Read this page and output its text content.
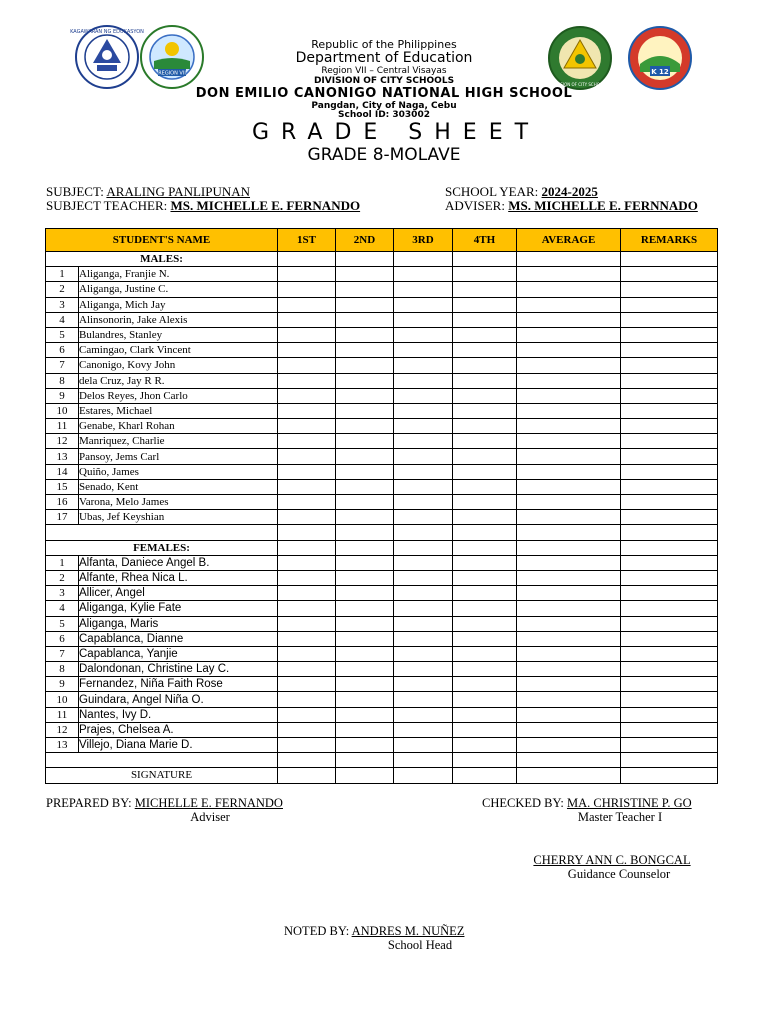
KAGAWARAN NG EDUKASYON
REGION VII
DIVISION OF CITY SCHOOLS
K 12
Republic of the Philippines
Department of Education
Region VII – Central Visayas
DIVISION OF CITY SCHOOLS
DON EMILIO CANONIGO NATIONAL HIGH SCHOOL
Pangdan, City of Naga, Cebu
School ID: 303002
GRADE SHEET
GRADE 8-MOLAVE
SUBJECT: ARALING PANLIPUNAN
SUBJECT TEACHER: MS. MICHELLE E. FERNANDO
SCHOOL YEAR: 2024-2025
ADVISER: MS. MICHELLE E. FERNNADO
STUDENT'S NAME		1ST	2ND	3RD	4TH	AVERAGE	REMARKS
MALES:							
1	Aliganga, Franjie N.						
2	Aliganga, Justine C.						
3	Aliganga, Mich Jay						
4	Alinsonorin, Jake Alexis						
5	Bulandres, Stanley						
6	Camingao, Clark Vincent						
7	Canonigo, Kovy John						
8	dela Cruz, Jay R R.						
9	Delos Reyes, Jhon Carlo						
10	Estares, Michael						
11	Genabe, Kharl Rohan						
12	Manriquez, Charlie						
13	Pansoy, Jems Carl						
14	Quiño, James						
15	Senado, Kent						
16	Varona, Melo James						
17	Ubas, Jef Keyshian						

FEMALES:							
1	Alfanta, Daniece Angel B.						
2	Alfante, Rhea Nica L.						
3	Allicer, Angel						
4	Aliganga, Kylie Fate						
5	Aliganga, Maris						
6	Capablanca, Dianne						
7	Capablanca, Yanjie						
8	Dalondonan, Christine Lay C.						
9	Fernandez, Niña Faith Rose						
10	Guindara, Angel Niña O.						
11	Nantes, Ivy D.						
12	Prajes, Chelsea A.						
13	Villejo, Diana Marie D.						

SIGNATURE							
PREPARED BY: MICHELLE E. FERNANDO
Adviser
CHECKED BY: MA. CHRISTINE P. GO
Master Teacher I
CHERRY ANN C. BONGCAL
Guidance Counselor
NOTED BY: ANDRES M. NUÑEZ
School Head
